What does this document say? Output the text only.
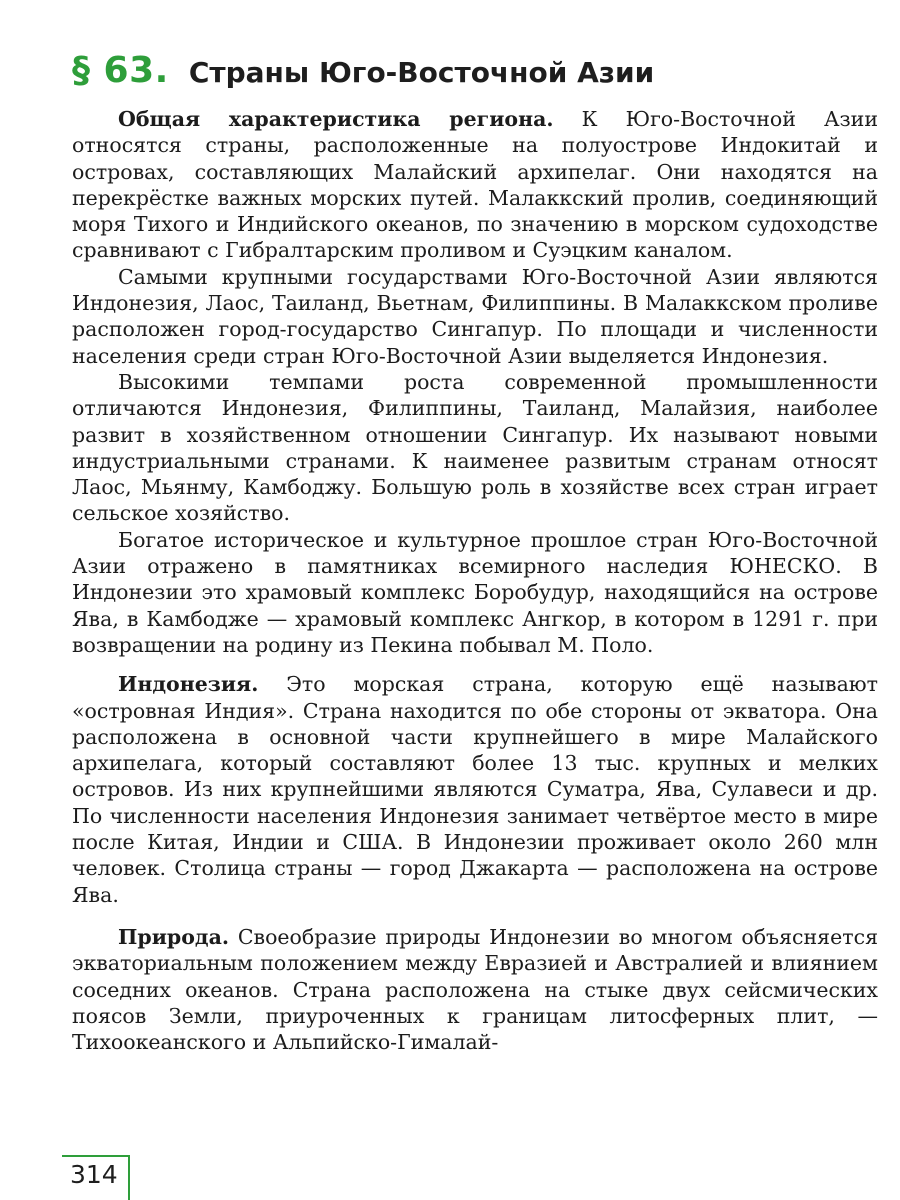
§ 63. Страны Юго-Восточной Азии

Общая характеристика региона. К Юго-Восточной Азии относятся страны, расположенные на полуострове Индокитай и островах, составляющих Малайский архипелаг. Они находятся на перекрёстке важных морских путей. Малаккский пролив, соединяющий моря Тихого и Индийского океанов, по значению в морском судоходстве сравнивают с Гибралтарским проливом и Суэцким каналом.

Самыми крупными государствами Юго-Восточной Азии являются Индонезия, Лаос, Таиланд, Вьетнам, Филиппины. В Малаккском проливе расположен город-государство Сингапур. По площади и численности населения среди стран Юго-Восточной Азии выделяется Индонезия.

Высокими темпами роста современной промышленности отличаются Индонезия, Филиппины, Таиланд, Малайзия, наиболее развит в хозяйственном отношении Сингапур. Их называют новыми индустриальными странами. К наименее развитым странам относят Лаос, Мьянму, Камбоджу. Большую роль в хозяйстве всех стран играет сельское хозяйство.

Богатое историческое и культурное прошлое стран Юго-Восточной Азии отражено в памятниках всемирного наследия ЮНЕСКО. В Индонезии это храмовый комплекс Боробудур, находящийся на острове Ява, в Камбодже — храмовый комплекс Ангкор, в котором в 1291 г. при возвращении на родину из Пекина побывал М. Поло.

Индонезия. Это морская страна, которую ещё называют «островная Индия». Страна находится по обе стороны от экватора. Она расположена в основной части крупнейшего в мире Малайского архипелага, который составляют более 13 тыс. крупных и мелких островов. Из них крупнейшими являются Суматра, Ява, Сулавеси и др. По численности населения Индонезия занимает четвёртое место в мире после Китая, Индии и США. В Индонезии проживает около 260 млн человек. Столица страны — город Джакарта — расположена на острове Ява.

Природа. Своеобразие природы Индонезии во многом объясняется экваториальным положением между Евразией и Австралией и влиянием соседних океанов. Страна расположена на стыке двух сейсмических поясов Земли, приуроченных к границам литосферных плит, — Тихоокеанского и Альпийско-Гималай-

314
